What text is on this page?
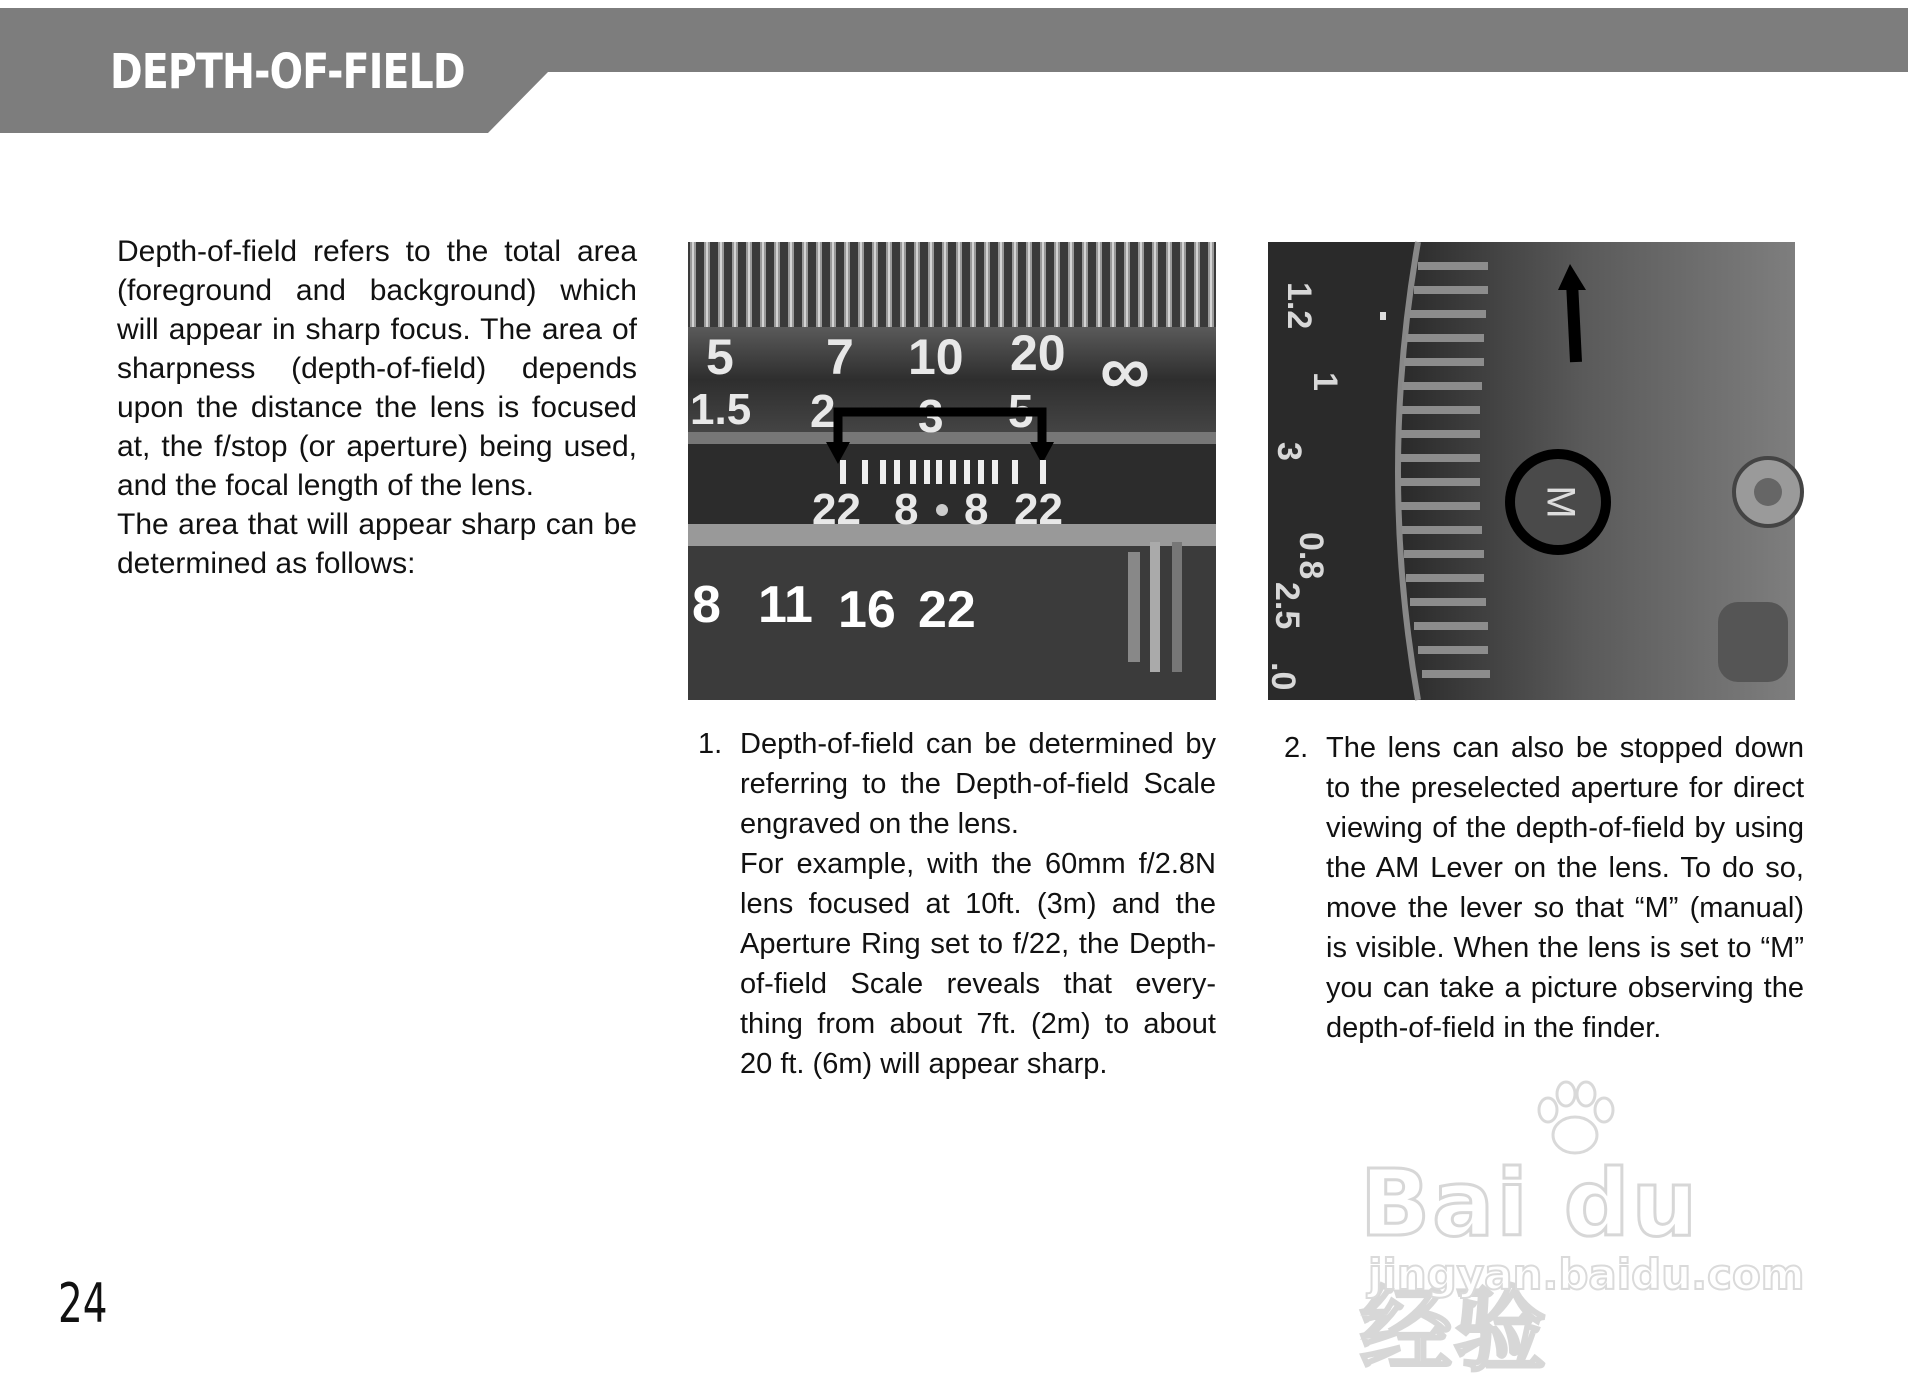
DEPTH-OF-FIELD

Depth-of-field refers to the total area (foreground and background) which will appear in sharp focus. The area of sharpness (depth-of-field) depends upon the distance the lens is focused at, the f/stop (or aperture) being used, and the focal length of the lens.

The area that will appear sharp can be determined as follows:

5 7 10 20 ∞
1.5 2 3 5
22 8 8 22
8 11 16 22
M
1.2
1
3
0.8
2.5
.0
1. Depth-of-field can be determined by referring to the Depth-of-field Scale engraved on the lens.

For example, with the 60mm f/2.8N lens focused at 10ft. (3m) and the Aperture Ring set to f/22, the Depth-of-field Scale reveals that every-thing from about 7ft. (2m) to about 20 ft. (6m) will appear sharp.

2. The lens can also be stopped down to the preselected aperture for direct viewing of the depth-of-field by using the AM Lever on the lens. To do so, move the lever so that “M” (manual) is visible. When the lens is set to “M” you can take a picture observing the depth-of-field in the finder.

24
Bai du 经验
jingyan.baidu.com
